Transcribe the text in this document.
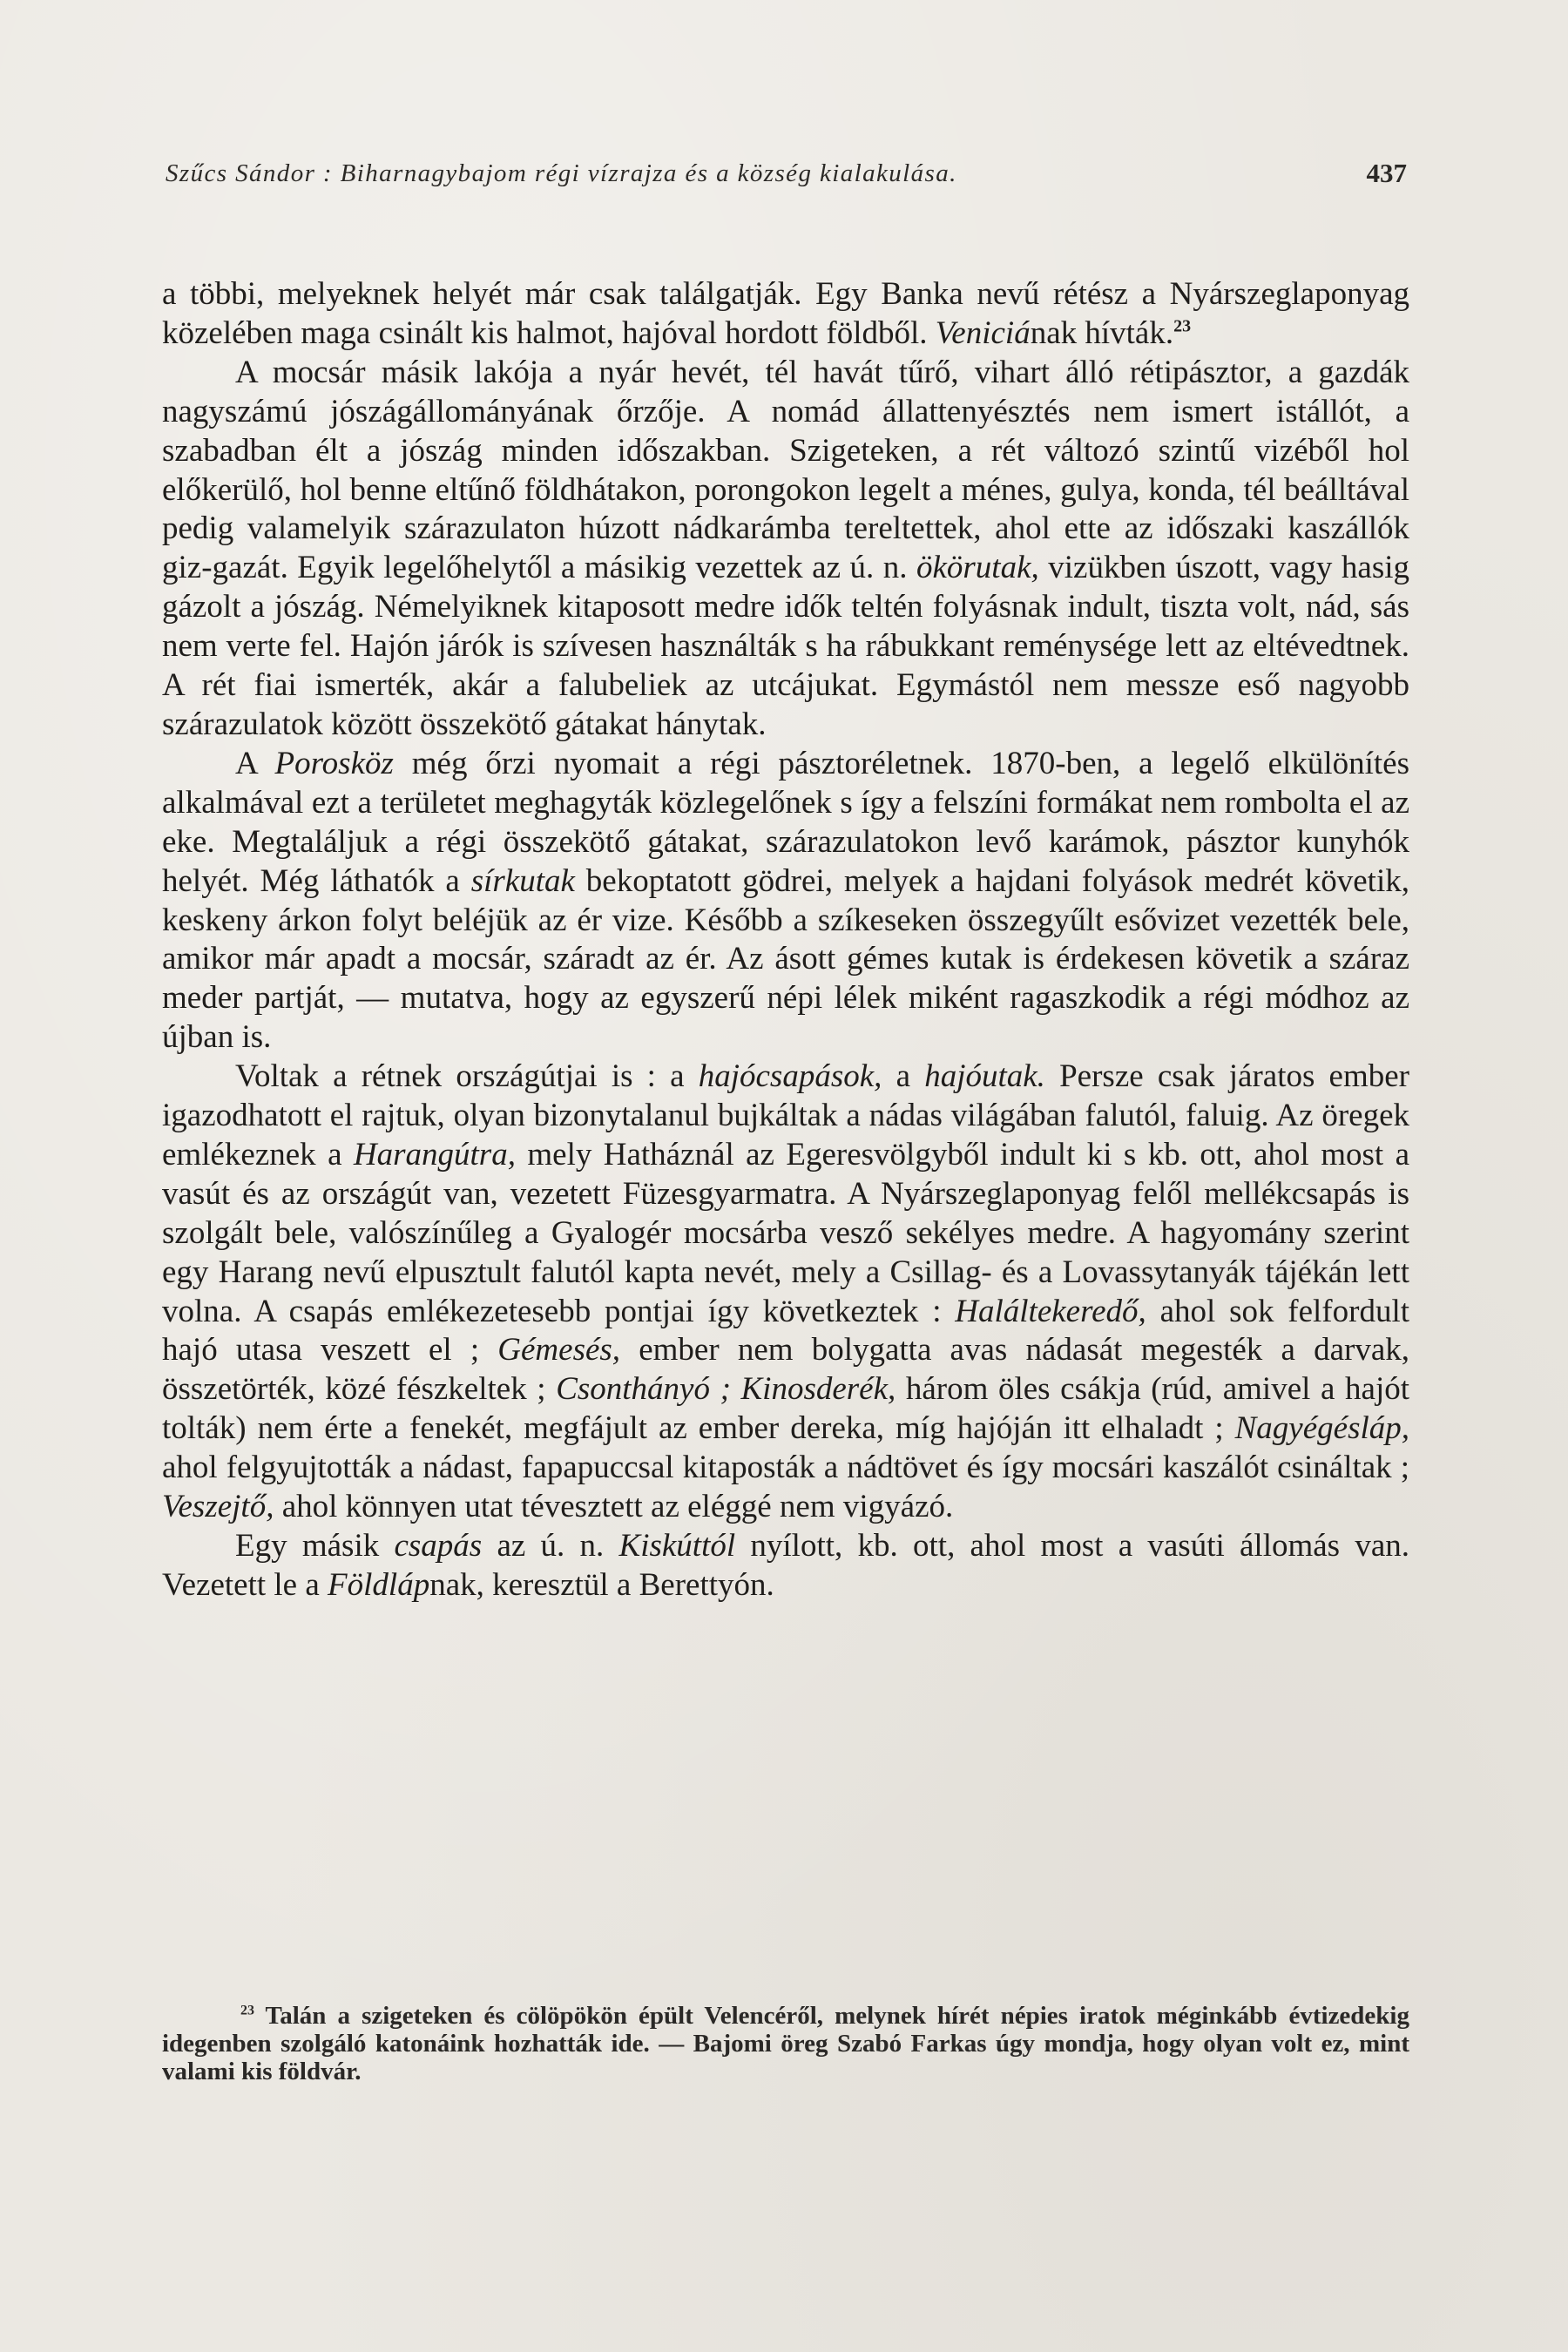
Szűcs Sándor : Biharnagybajom régi vízrajza és a község kialakulása.	437

a többi, melyeknek helyét már csak találgatják. Egy Banka nevű rétész a Nyárszeglaponyag közelében maga csinált kis halmot, hajóval hordott földből. Veniciának hívták.$^{23}$

A mocsár másik lakója a nyár hevét, tél havát tűrő, vihart álló rétipásztor, a gazdák nagyszámú jószágállományának őrzője. A nomád állattenyésztés nem ismert istállót, a szabadban élt a jószág minden időszakban. Szigeteken, a rét változó szintű vizéből hol előkerülő, hol benne eltűnő földhátakon, porongokon legelt a ménes, gulya, konda, tél beálltával pedig valamelyik szárazulaton húzott nádkarámba tereltettek, ahol ette az időszaki kaszállók giz-gazát. Egyik legelőhelytől a másikig vezettek az ú. n. ökörutak, vizükben úszott, vagy hasig gázolt a jószág. Némelyiknek kitaposott medre idők teltén folyásnak indult, tiszta volt, nád, sás nem verte fel. Hajón járók is szívesen használták s ha rábukkant reménysége lett az eltévedtnek. A rét fiai ismerték, akár a falubeliek az utcájukat. Egymástól nem messze eső nagyobb szárazulatok között összekötő gátakat hánytak.

A Porosköz még őrzi nyomait a régi pásztoréletnek. 1870-ben, a legelő elkülönítés alkalmával ezt a területet meghagyták közlegelőnek s így a felszíni formákat nem rombolta el az eke. Megtaláljuk a régi összekötő gátakat, szárazulatokon levő karámok, pásztor kunyhók helyét. Még láthatók a sírkutak bekoptatott gödrei, melyek a hajdani folyások medrét követik, keskeny árkon folyt beléjük az ér vize. Később a szíkeseken összegyűlt esővizet vezették bele, amikor már apadt a mocsár, száradt az ér. Az ásott gémes kutak is érdekesen követik a száraz meder partját, — mutatva, hogy az egyszerű népi lélek miként ragaszkodik a régi módhoz az újban is.

Voltak a rétnek országútjai is : a hajócsapások, a hajóutak. Persze csak járatos ember igazodhatott el rajtuk, olyan bizonytalanul bujkáltak a nádas világában falutól, faluig. Az öregek emlékeznek a Harangútra, mely Hatháznál az Egeresvölgyből indult ki s kb. ott, ahol most a vasút és az országút van, vezetett Füzesgyarmatra. A Nyárszeglaponyag felől mellékcsapás is szolgált bele, valószínűleg a Gyalogér mocsárba vesző sekélyes medre. A hagyomány szerint egy Harang nevű elpusztult falutól kapta nevét, mely a Csillag- és a Lovassytanyák tájékán lett volna. A csapás emlékezetesebb pontjai így következtek : Haláltekeredő, ahol sok felfordult hajó utasa veszett el ; Gémesés, ember nem bolygatta avas nádasát megesték a darvak, összetörték, közé fészkeltek ; Csonthányó ; Kinosderék, három öles csákja (rúd, amivel a hajót tolták) nem érte a fenekét, megfájult az ember dereka, míg hajóján itt elhaladt ; Nagyégésláp, ahol felgyujtották a nádast, fapapuccsal kitaposták a nádtövet és így mocsári kaszálót csináltak ; Veszejtő, ahol könnyen utat tévesztett az eléggé nem vigyázó.

Egy másik csapás az ú. n. Kiskúttól nyílott, kb. ott, ahol most a vasúti állomás van. Vezetett le a Földlápnak, keresztül a Berettyón.

$^{23}$ Talán a szigeteken és cölöpökön épült Velencéről, melynek hírét népies iratok méginkább évtizedekig idegenben szolgáló katonáink hozhatták ide. — Bajomi öreg Szabó Farkas úgy mondja, hogy olyan volt ez, mint valami kis földvár.
